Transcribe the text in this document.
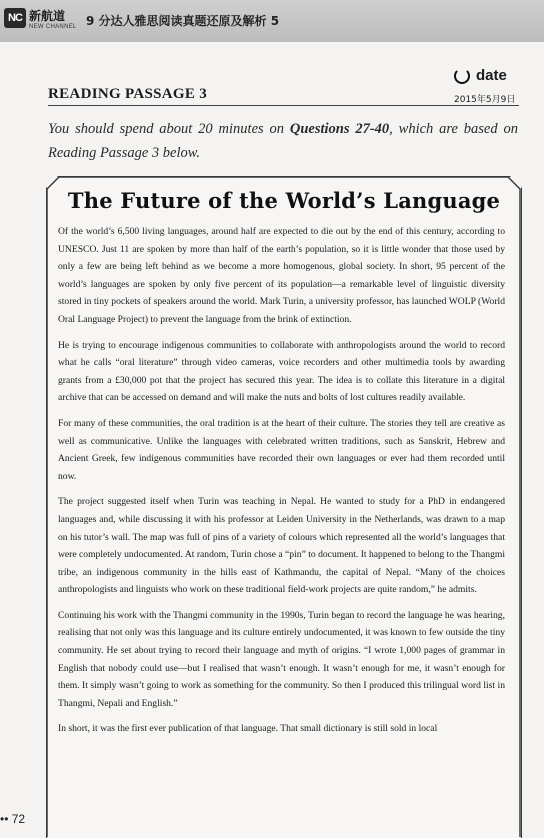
NC 新航道
NEW CHANNEL 9 分达人雅思阅读真题还原及解析 5
READING PASSAGE 3
date
2015年5月9日
You should spend about 20 minutes on Questions 27-40, which are based on Reading Passage 3 below.
The Future of the World’s Language

Of the world’s 6,500 living languages, around half are expected to die out by the end of this century, according to UNESCO. Just 11 are spoken by more than half of the earth’s population, so it is little wonder that those used by only a few are being left behind as we become a more homogenous, global society. In short, 95 percent of the world’s languages are spoken by only five percent of its population—a remarkable level of linguistic diversity stored in tiny pockets of speakers around the world. Mark Turin, a university professor, has launched WOLP (World Oral Language Project) to prevent the language from the brink of extinction.

He is trying to encourage indigenous communities to collaborate with anthropologists around the world to record what he calls “oral literature” through video cameras, voice recorders and other multimedia tools by awarding grants from a £30,000 pot that the project has secured this year. The idea is to collate this literature in a digital archive that can be accessed on demand and will make the nuts and bolts of lost cultures readily available.

For many of these communities, the oral tradition is at the heart of their culture. The stories they tell are creative as well as communicative. Unlike the languages with celebrated written traditions, such as Sanskrit, Hebrew and Ancient Greek, few indigenous communities have recorded their own languages or ever had them recorded until now.

The project suggested itself when Turin was teaching in Nepal. He wanted to study for a PhD in endangered languages and, while discussing it with his professor at Leiden University in the Netherlands, was drawn to a map on his tutor’s wall. The map was full of pins of a variety of colours which represented all the world’s languages that were completely undocumented. At random, Turin chose a “pin” to document. It happened to belong to the Thangmi tribe, an indigenous community in the hills east of Kathmandu, the capital of Nepal. “Many of the choices anthropologists and linguists who work on these traditional field-work projects are quite random,” he admits.

Continuing his work with the Thangmi community in the 1990s, Turin began to record the language he was hearing, realising that not only was this language and its culture entirely undocumented, it was known to few outside the tiny community. He set about trying to record their language and myth of origins. “I wrote 1,000 pages of grammar in English that nobody could use—but I realised that wasn’t enough. It wasn’t enough for me, it wasn’t enough for them. It simply wasn’t going to work as something for the community. So then I produced this trilingual word list in Thangmi, Nepali and English.”

In short, it was the first ever publication of that language. That small dictionary is still sold in local

•• 72
